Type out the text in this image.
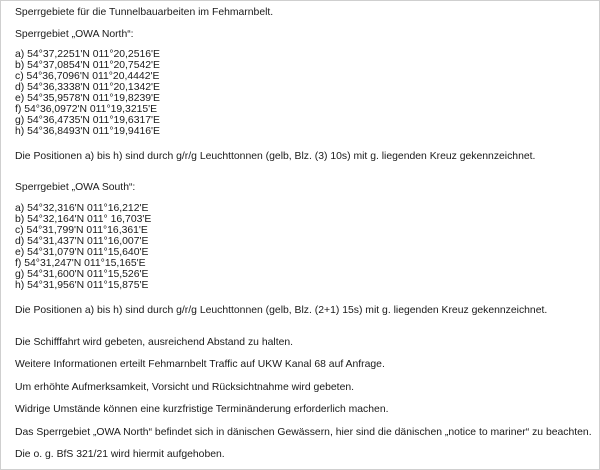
Sperrgebiete für die Tunnelbauarbeiten im Fehmarnbelt.
Sperrgebiet „OWA North“:
a) 54°37,2251'N 011°20,2516'E
b) 54°37,0854'N 011°20,7542'E
c) 54°36,7096'N 011°20,4442'E
d) 54°36,3338'N 011°20,1342'E
e) 54°35,9578'N 011°19,8239'E
f) 54°36,0972'N 011°19,3215'E
g) 54°36,4735'N 011°19,6317'E
h) 54°36,8493'N 011°19,9416'E
Die Positionen a) bis h) sind durch g/r/g Leuchttonnen (gelb, Blz. (3) 10s) mit g. liegenden Kreuz gekennzeichnet.
Sperrgebiet „OWA South“:
a) 54°32,316'N 011°16,212'E
b) 54°32,164'N 011° 16,703'E
c) 54°31,799'N 011°16,361'E
d) 54°31,437'N 011°16,007'E
e) 54°31,079'N 011°15,640'E
f) 54°31,247'N 011°15,165'E
g) 54°31,600'N 011°15,526'E
h) 54°31,956'N 011°15,875'E
Die Positionen a) bis h) sind durch g/r/g Leuchttonnen (gelb, Blz. (2+1) 15s) mit g. liegenden Kreuz gekennzeichnet.
Die Schifffahrt wird gebeten, ausreichend Abstand zu halten.
Weitere Informationen erteilt Fehmarnbelt Traffic auf UKW Kanal 68 auf Anfrage.
Um erhöhte Aufmerksamkeit, Vorsicht und Rücksichtnahme wird gebeten.
Widrige Umstände können eine kurzfristige Terminänderung erforderlich machen.
Das Sperrgebiet „OWA North“ befindet sich in dänischen Gewässern, hier sind die dänischen „notice to mariner“ zu beachten.
Die o. g. BfS 321/21 wird hiermit aufgehoben.
